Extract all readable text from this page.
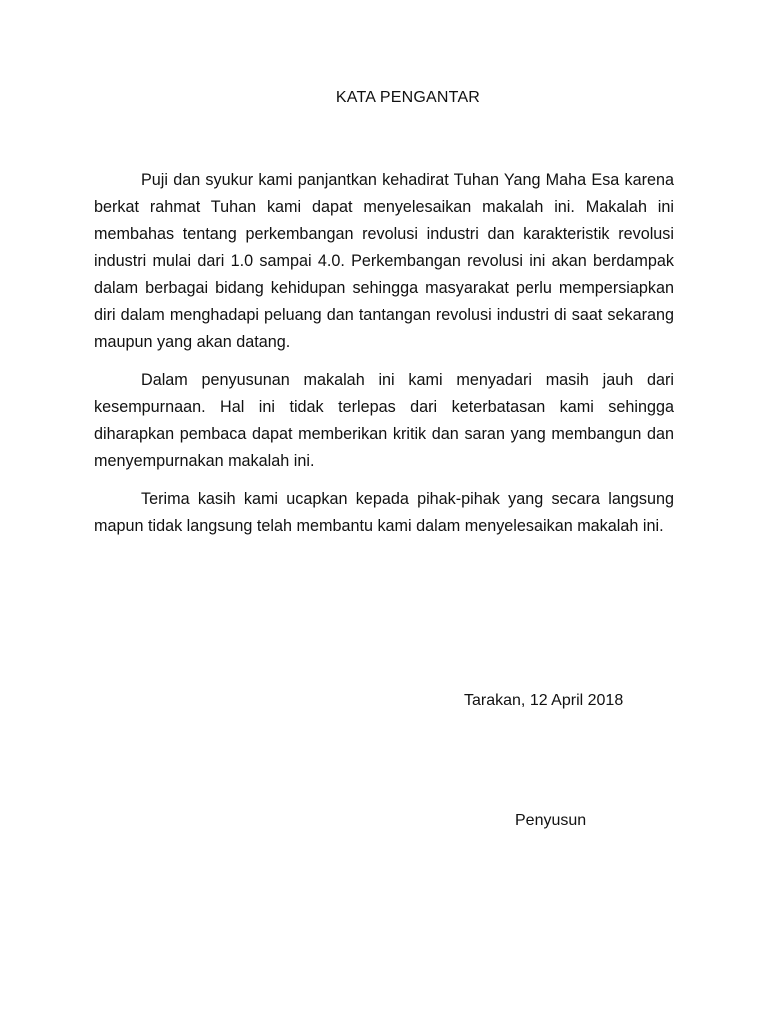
KATA PENGANTAR

Puji dan syukur kami panjantkan kehadirat Tuhan Yang Maha Esa karena berkat rahmat Tuhan kami dapat menyelesaikan makalah ini. Makalah ini membahas tentang perkembangan revolusi industri dan karakteristik revolusi industri mulai dari 1.0 sampai 4.0. Perkembangan revolusi ini akan berdampak dalam berbagai bidang kehidupan sehingga masyarakat perlu mempersiapkan diri dalam menghadapi peluang dan tantangan revolusi industri di saat sekarang maupun yang akan datang.

Dalam penyusunan makalah ini kami menyadari masih jauh dari kesempurnaan. Hal ini tidak terlepas dari keterbatasan kami sehingga diharapkan pembaca dapat memberikan kritik dan saran yang membangun dan menyempurnakan makalah ini.

Terima kasih kami ucapkan kepada pihak-pihak yang secara langsung mapun tidak langsung telah membantu kami dalam menyelesaikan makalah ini.

Tarakan, 12 April 2018
Penyusun
